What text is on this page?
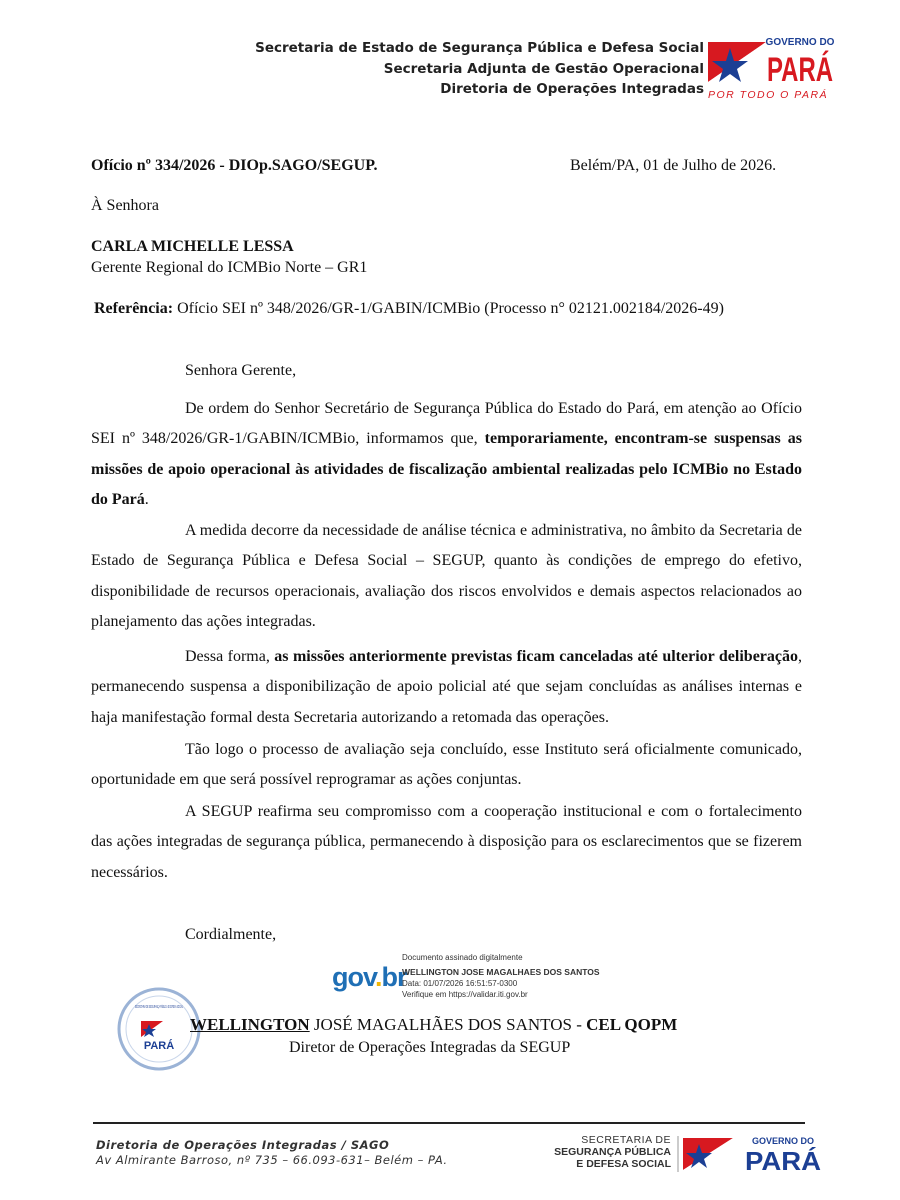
Secretaria de Estado de Segurança Pública e Defesa Social
Secretaria Adjunta de Gestão Operacional
Diretoria de Operações Integradas
GOVERNO DO
PARÁ
POR TODO O PARÁ
Ofício nº 334/2026 - DIOp.SAGO/SEGUP.	Belém/PA, 01 de Julho de 2026.
À Senhora
CARLA MICHELLE LESSA
Gerente Regional do ICMBio Norte – GR1
Referência: Ofício SEI nº 348/2026/GR-1/GABIN/ICMBio (Processo n° 02121.002184/2026-49)
Senhora Gerente,
De ordem do Senhor Secretário de Segurança Pública do Estado do Pará, em atenção ao Ofício SEI nº 348/2026/GR-1/GABIN/ICMBio, informamos que, temporariamente, encontram-se suspensas as missões de apoio operacional às atividades de fiscalização ambiental realizadas pelo ICMBio no Estado do Pará.
A medida decorre da necessidade de análise técnica e administrativa, no âmbito da Secretaria de Estado de Segurança Pública e Defesa Social – SEGUP, quanto às condições de emprego do efetivo, disponibilidade de recursos operacionais, avaliação dos riscos envolvidos e demais aspectos relacionados ao planejamento das ações integradas.
Dessa forma, as missões anteriormente previstas ficam canceladas até ulterior deliberação, permanecendo suspensa a disponibilização de apoio policial até que sejam concluídas as análises internas e haja manifestação formal desta Secretaria autorizando a retomada das operações.
Tão logo o processo de avaliação seja concluído, esse Instituto será oficialmente comunicado, oportunidade em que será possível reprogramar as ações conjuntas.
A SEGUP reafirma seu compromisso com a cooperação institucional e com o fortalecimento das ações integradas de segurança pública, permanecendo à disposição para os esclarecimentos que se fizerem necessários.
Cordialmente,
gov.br
Documento assinado digitalmente
WELLINGTON JOSE MAGALHAES DOS SANTOS
Data: 01/07/2026 16:51:57-0300
Verifique em https://validar.iti.gov.br
SECRETARIA DE SEGURANÇA PÚBLICA E DEFESA SOCIAL
PARÁ
WELLINGTON JOSÉ MAGALHÃES DOS SANTOS - CEL QOPM
Diretor de Operações Integradas da SEGUP
Diretoria de Operações Integradas / SAGO
Av Almirante Barroso, nº 735 – 66.093-631– Belém – PA.
SECRETARIA DE
SEGURANÇA PÚBLICA
E DEFESA SOCIAL
GOVERNO DO
PARÁ
